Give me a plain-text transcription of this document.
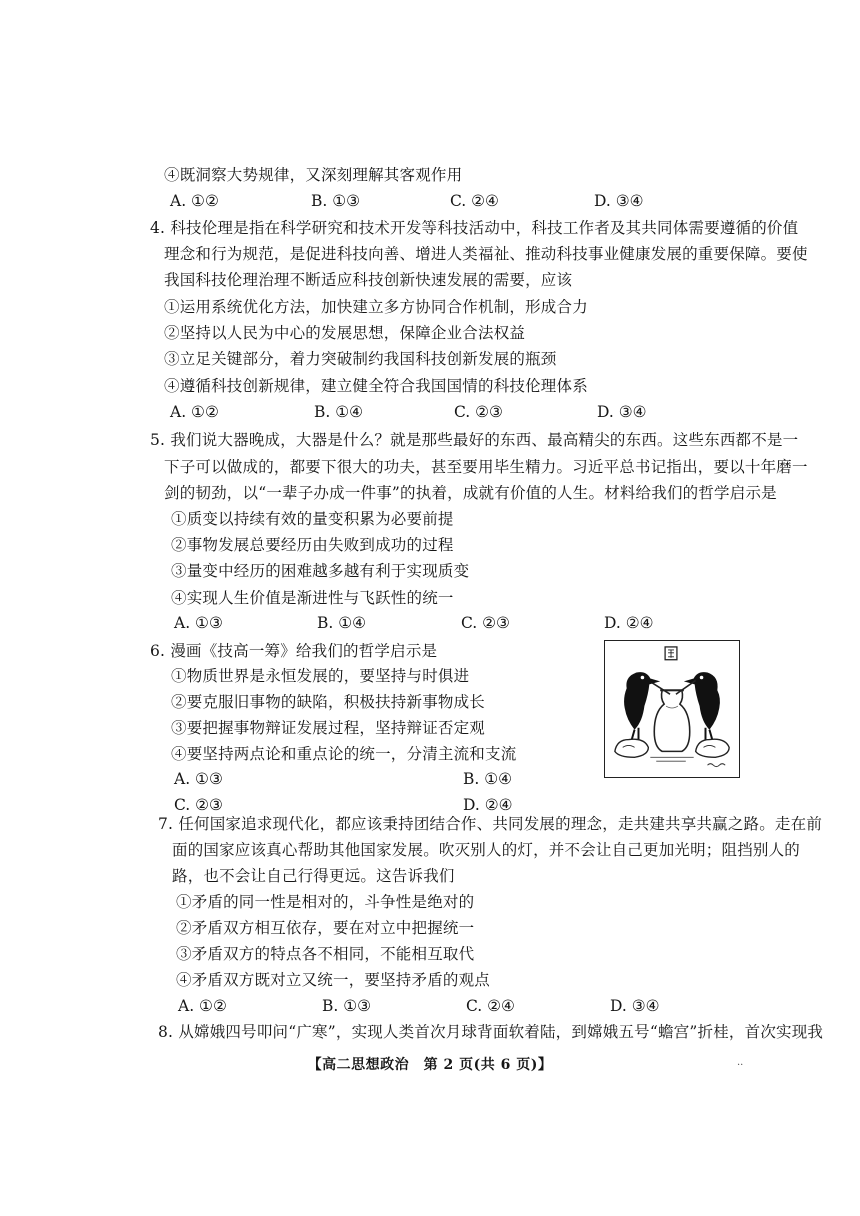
④既洞察大势规律，又深刻理解其客观作用
A. ①②	B. ①③	C. ②④	D. ③④
4. 科技伦理是指在科学研究和技术开发等科技活动中，科技工作者及其共同体需要遵循的价值
理念和行为规范，是促进科技向善、增进人类福祉、推动科技事业健康发展的重要保障。要使
我国科技伦理治理不断适应科技创新快速发展的需要，应该
①运用系统优化方法，加快建立多方协同合作机制，形成合力
②坚持以人民为中心的发展思想，保障企业合法权益
③立足关键部分，着力突破制约我国科技创新发展的瓶颈
④遵循科技创新规律，建立健全符合我国国情的科技伦理体系
A. ①②	B. ①④	C. ②③	D. ③④
5. 我们说大器晚成，大器是什么？就是那些最好的东西、最高精尖的东西。这些东西都不是一
下子可以做成的，都要下很大的功夫，甚至要用毕生精力。习近平总书记指出，要以十年磨一
剑的韧劲，以“一辈子办成一件事”的执着，成就有价值的人生。材料给我们的哲学启示是
①质变以持续有效的量变积累为必要前提
②事物发展总要经历由失败到成功的过程
③量变中经历的困难越多越有利于实现质变
④实现人生价值是渐进性与飞跃性的统一
A. ①③	B. ①④	C. ②③	D. ②④
6. 漫画《技高一筹》给我们的哲学启示是
①物质世界是永恒发展的，要坚持与时俱进
②要克服旧事物的缺陷，积极扶持新事物成长
③要把握事物辩证发展过程，坚持辩证否定观
④要坚持两点论和重点论的统一，分清主流和支流
A. ①③	B. ①④
C. ②③	D. ②④
7. 任何国家追求现代化，都应该秉持团结合作、共同发展的理念，走共建共享共赢之路。走在前
面的国家应该真心帮助其他国家发展。吹灭别人的灯，并不会让自己更加光明；阻挡别人的
路，也不会让自己行得更远。这告诉我们
①矛盾的同一性是相对的，斗争性是绝对的
②矛盾双方相互依存，要在对立中把握统一
③矛盾双方的特点各不相同，不能相互取代
④矛盾双方既对立又统一，要坚持矛盾的观点
A. ①②	B. ①③	C. ②④	D. ③④
8. 从嫦娥四号叩问“广寒”，实现人类首次月球背面软着陆，到嫦娥五号“蟾宫”折桂，首次实现我
【高二思想政治　第 2 页(共 6 页)】	··
